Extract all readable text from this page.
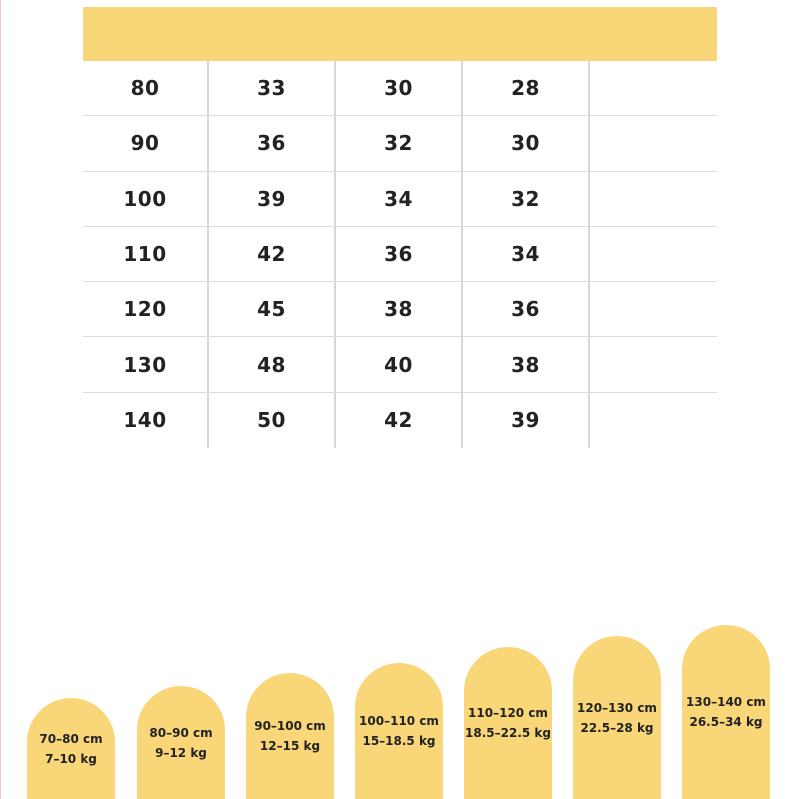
80	33	30	28
90	36	32	30
100	39	34	32
110	42	36	34
120	45	38	36
130	48	40	38
140	50	42	39
70–80 cm
7–10 kg
80–90 cm
9–12 kg
90–100 cm
12–15 kg
100–110 cm
15–18.5 kg
110–120 cm
18.5–22.5 kg
120–130 cm
22.5–28 kg
130–140 cm
26.5–34 kg
